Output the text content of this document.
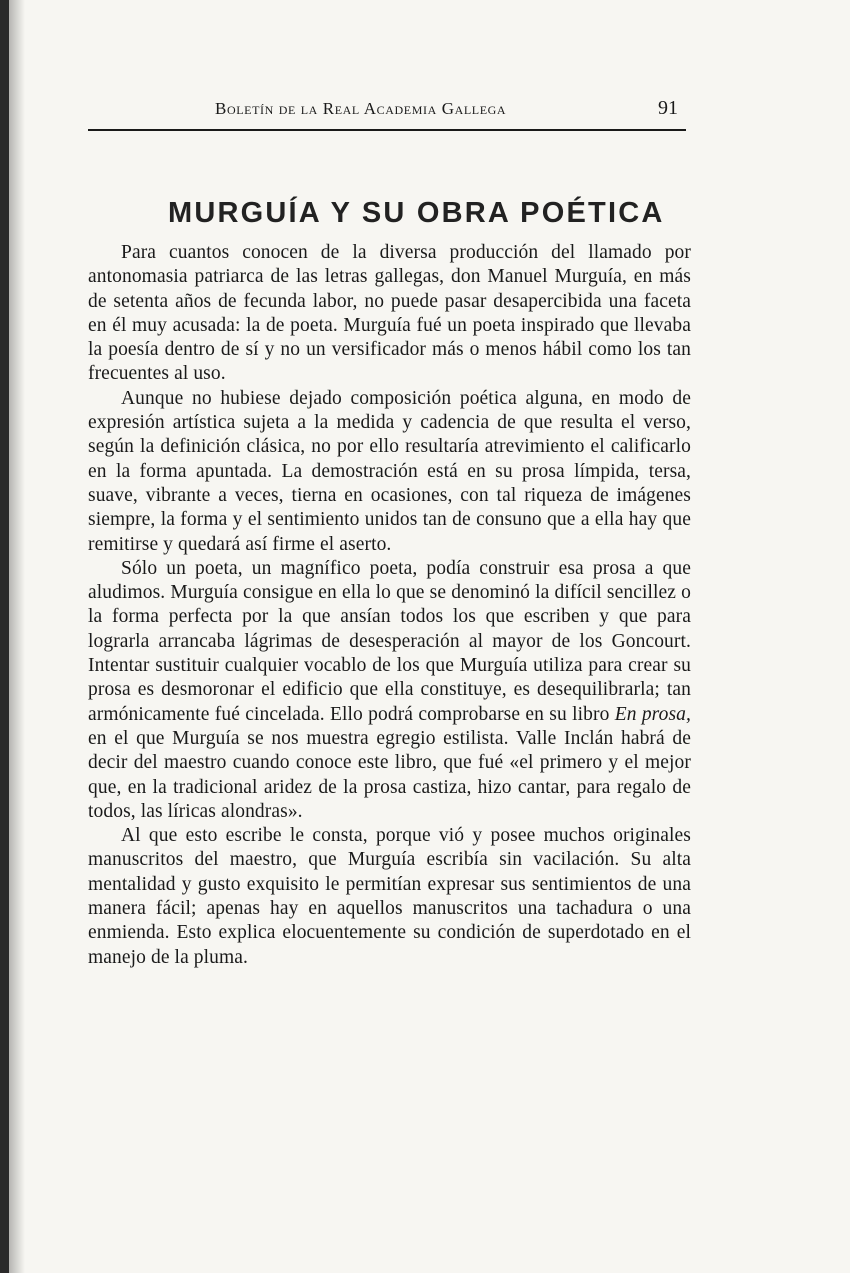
Boletín de la Real Academia Gallega	91
MURGUÍA Y SU OBRA POÉTICA

Para cuantos conocen de la diversa producción del llamado por antonomasia patriarca de las letras gallegas, don Manuel Murguía, en más de setenta años de fecunda labor, no puede pasar desapercibida una faceta en él muy acusada: la de poeta. Murguía fué un poeta inspirado que llevaba la poesía dentro de sí y no un versificador más o menos hábil como los tan frecuentes al uso.

Aunque no hubiese dejado composición poética alguna, en modo de expresión artística sujeta a la medida y cadencia de que resulta el verso, según la definición clásica, no por ello resultaría atrevimiento el calificarlo en la forma apuntada. La demostración está en su prosa límpida, tersa, suave, vibrante a veces, tierna en ocasiones, con tal riqueza de imágenes siempre, la forma y el sentimiento unidos tan de consuno que a ella hay que remitirse y quedará así firme el aserto.

Sólo un poeta, un magnífico poeta, podía construir esa prosa a que aludimos. Murguía consigue en ella lo que se denominó la difícil sencillez o la forma perfecta por la que ansían todos los que escriben y que para lograrla arrancaba lágrimas de desesperación al mayor de los Goncourt. Intentar sustituir cualquier vocablo de los que Murguía utiliza para crear su prosa es desmoronar el edificio que ella constituye, es desequilibrarla; tan armónicamente fué cincelada. Ello podrá comprobarse en su libro En prosa, en el que Murguía se nos muestra egregio estilista. Valle Inclán habrá de decir del maestro cuando conoce este libro, que fué «el primero y el mejor que, en la tradicional aridez de la prosa castiza, hizo cantar, para regalo de todos, las líricas alondras».

Al que esto escribe le consta, porque vió y posee muchos originales manuscritos del maestro, que Murguía escribía sin vacilación. Su alta mentalidad y gusto exquisito le permitían expresar sus sentimientos de una manera fácil; apenas hay en aquellos manuscritos una tachadura o una enmienda. Esto explica elocuentemente su condición de superdotado en el manejo de la pluma.
